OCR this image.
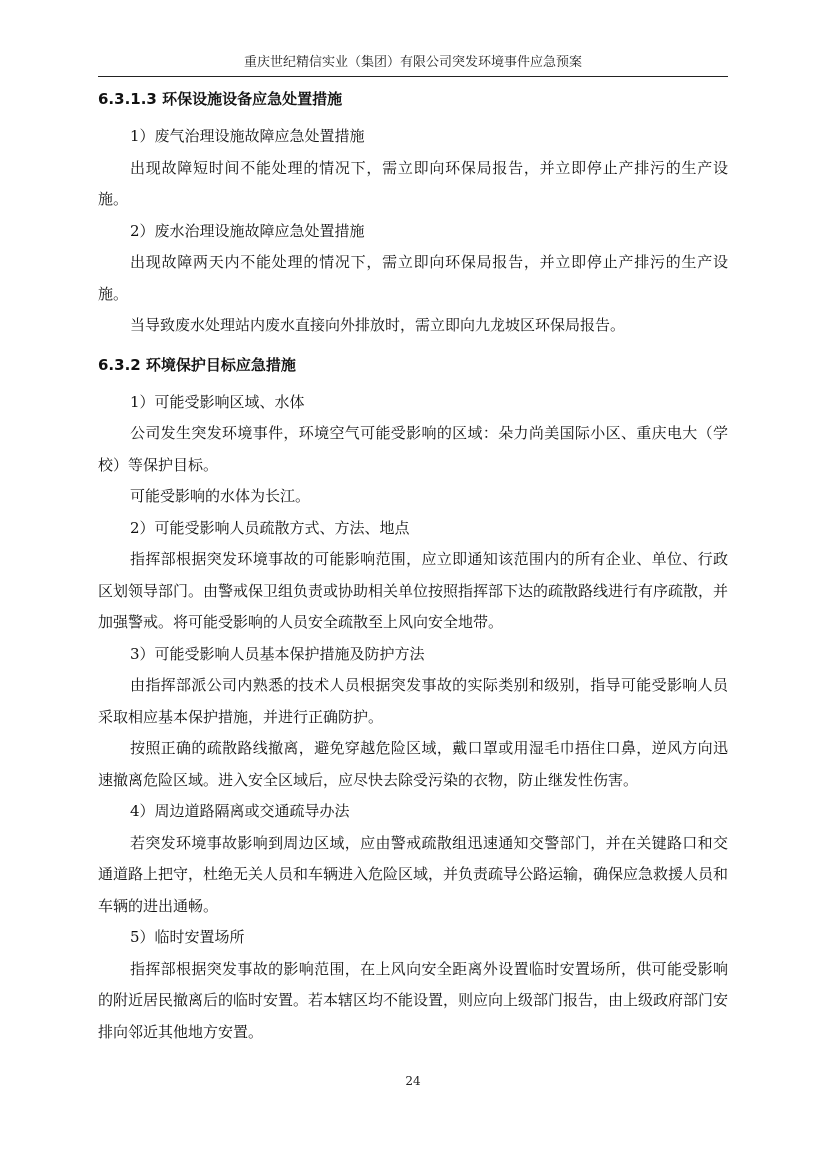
重庆世纪精信实业（集团）有限公司突发环境事件应急预案
6.3.1.3 环保设施设备应急处置措施

1）废气治理设施故障应急处置措施

出现故障短时间不能处理的情况下，需立即向环保局报告，并立即停止产排污的生产设施。

2）废水治理设施故障应急处置措施

出现故障两天内不能处理的情况下，需立即向环保局报告，并立即停止产排污的生产设施。

当导致废水处理站内废水直接向外排放时，需立即向九龙坡区环保局报告。

6.3.2 环境保护目标应急措施

1）可能受影响区域、水体

公司发生突发环境事件，环境空气可能受影响的区域：朵力尚美国际小区、重庆电大（学校）等保护目标。

可能受影响的水体为长江。

2）可能受影响人员疏散方式、方法、地点

指挥部根据突发环境事故的可能影响范围，应立即通知该范围内的所有企业、单位、行政区划领导部门。由警戒保卫组负责或协助相关单位按照指挥部下达的疏散路线进行有序疏散，并加强警戒。将可能受影响的人员安全疏散至上风向安全地带。

3）可能受影响人员基本保护措施及防护方法

由指挥部派公司内熟悉的技术人员根据突发事故的实际类别和级别，指导可能受影响人员采取相应基本保护措施，并进行正确防护。

按照正确的疏散路线撤离，避免穿越危险区域，戴口罩或用湿毛巾捂住口鼻，逆风方向迅速撤离危险区域。进入安全区域后，应尽快去除受污染的衣物，防止继发性伤害。

4）周边道路隔离或交通疏导办法

若突发环境事故影响到周边区域，应由警戒疏散组迅速通知交警部门，并在关键路口和交通道路上把守，杜绝无关人员和车辆进入危险区域，并负责疏导公路运输，确保应急救援人员和车辆的进出通畅。

5）临时安置场所

指挥部根据突发事故的影响范围，在上风向安全距离外设置临时安置场所，供可能受影响的附近居民撤离后的临时安置。若本辖区均不能设置，则应向上级部门报告，由上级政府部门安排向邻近其他地方安置。

24
